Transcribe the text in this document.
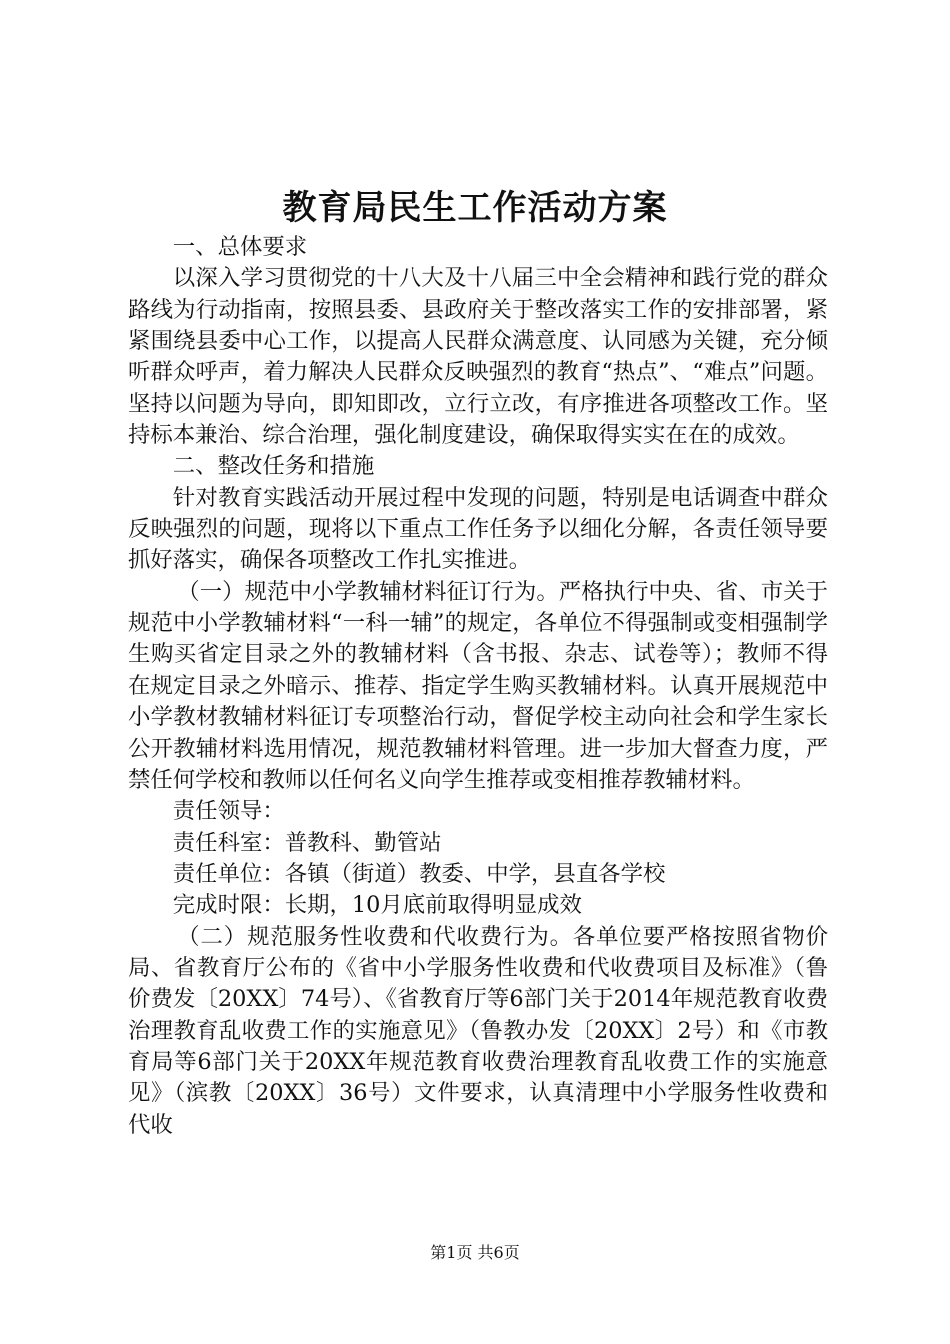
教育局民生工作活动方案

一、总体要求

以深入学习贯彻党的十八大及十八届三中全会精神和践行党的群众路线为行动指南，按照县委、县政府关于整改落实工作的安排部署，紧紧围绕县委中心工作，以提高人民群众满意度、认同感为关键，充分倾听群众呼声，着力解决人民群众反映强烈的教育“热点”、“难点”问题。坚持以问题为导向，即知即改，立行立改，有序推进各项整改工作。坚持标本兼治、综合治理，强化制度建设，确保取得实实在在的成效。

二、整改任务和措施

针对教育实践活动开展过程中发现的问题，特别是电话调查中群众反映强烈的问题，现将以下重点工作任务予以细化分解，各责任领导要抓好落实，确保各项整改工作扎实推进。

（一）规范中小学教辅材料征订行为。严格执行中央、省、市关于规范中小学教辅材料“一科一辅”的规定，各单位不得强制或变相强制学生购买省定目录之外的教辅材料（含书报、杂志、试卷等）；教师不得在规定目录之外暗示、推荐、指定学生购买教辅材料。认真开展规范中小学教材教辅材料征订专项整治行动，督促学校主动向社会和学生家长公开教辅材料选用情况，规范教辅材料管理。进一步加大督查力度，严禁任何学校和教师以任何名义向学生推荐或变相推荐教辅材料。

责任领导：

责任科室：普教科、勤管站

责任单位：各镇（街道）教委、中学，县直各学校

完成时限：长期，10月底前取得明显成效

（二）规范服务性收费和代收费行为。各单位要严格按照省物价局、省教育厅公布的《省中小学服务性收费和代收费项目及标准》（鲁价费发〔20XX〕74号）、《省教育厅等6部门关于2014年规范教育收费治理教育乱收费工作的实施意见》（鲁教办发〔20XX〕2号）和《市教育局等6部门关于20XX年规范教育收费治理教育乱收费工作的实施意见》（滨教〔20XX〕36号）文件要求，认真清理中小学服务性收费和代收

第1页 共6页
